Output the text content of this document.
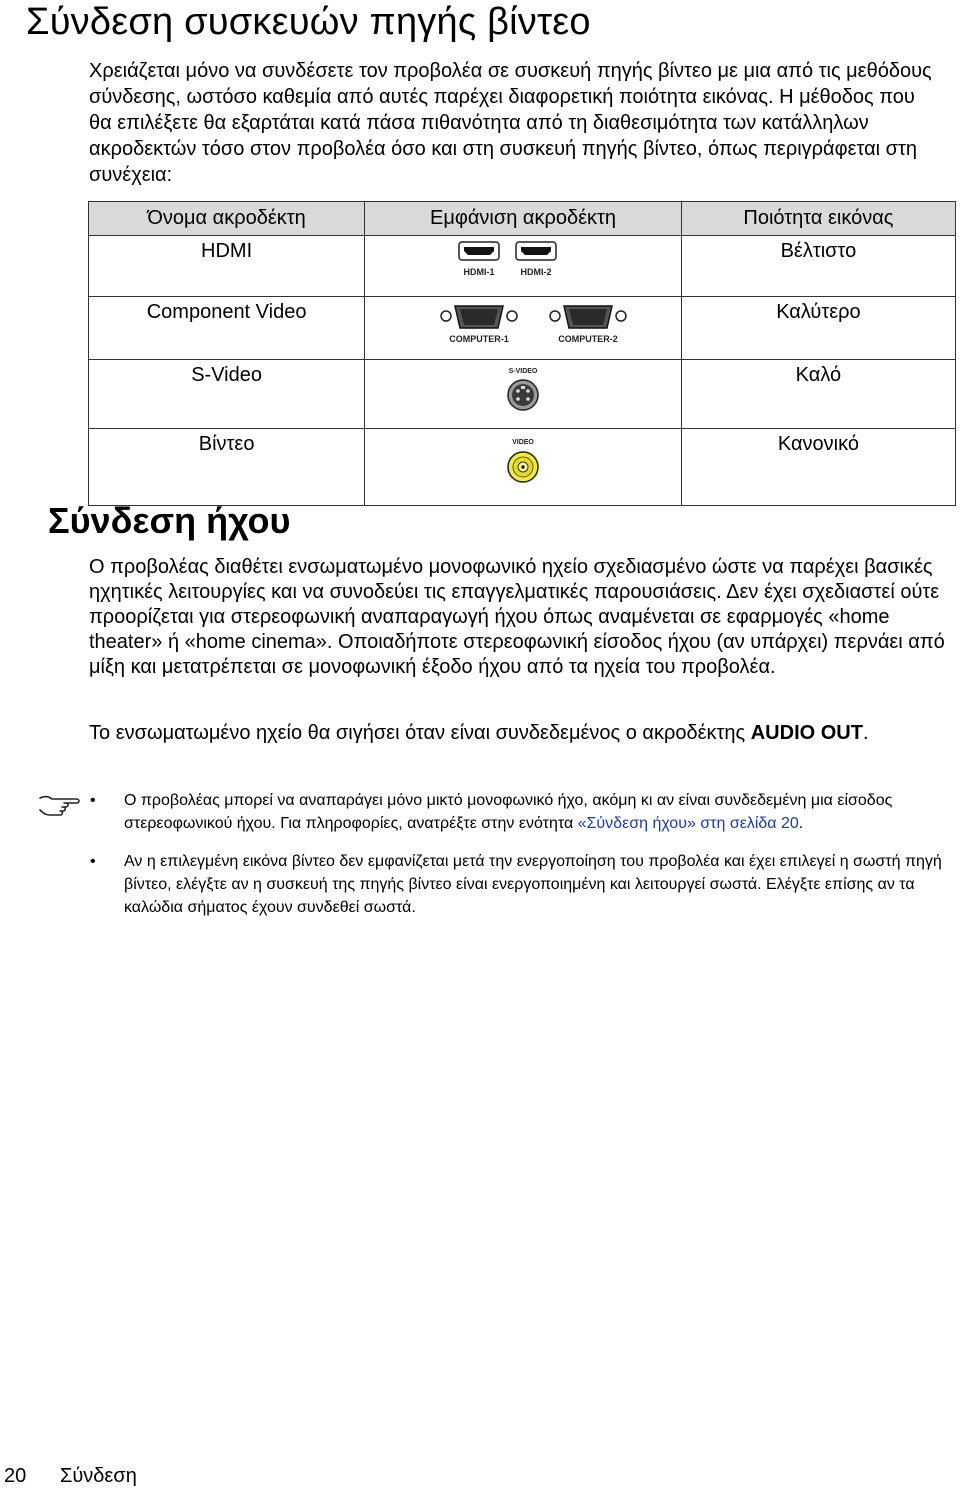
Σύνδεση συσκευών πηγής βίντεο

Χρειάζεται μόνο να συνδέσετε τον προβολέα σε συσκευή πηγής βίντεο με μια από τις μεθόδους σύνδεσης, ωστόσο καθεμία από αυτές παρέχει διαφορετική ποιότητα εικόνας. Η μέθοδος που θα επιλέξετε θα εξαρτάται κατά πάσα πιθανότητα από τη διαθεσιμότητα των κατάλληλων ακροδεκτών τόσο στον προβολέα όσο και στη συσκευή πηγής βίντεο, όπως περιγράφεται στη συνέχεια:

Όνομα ακροδέκτη	Εμφάνιση ακροδέκτη	Ποιότητα εικόνας
HDMI	HDMI-1 HDMI-2	Βέλτιστο
Component Video	COMPUTER-1 COMPUTER-2	Καλύτερο
S-Video	S-VIDEO	Καλό
Βίντεο	VIDEO	Κανονικό
Σύνδεση ήχου

Ο προβολέας διαθέτει ενσωματωμένο μονοφωνικό ηχείο σχεδιασμένο ώστε να παρέχει βασικές ηχητικές λειτουργίες και να συνοδεύει τις επαγγελματικές παρουσιάσεις. Δεν έχει σχεδιαστεί ούτε προορίζεται για στερεοφωνική αναπαραγωγή ήχου όπως αναμένεται σε εφαρμογές «home theater» ή «home cinema». Οποιαδήποτε στερεοφωνική είσοδος ήχου (αν υπάρχει) περνάει από μίξη και μετατρέπεται σε μονοφωνική έξοδο ήχου από τα ηχεία του προβολέα.

Το ενσωματωμένο ηχείο θα σιγήσει όταν είναι συνδεδεμένος ο ακροδέκτης AUDIO OUT.

• Ο προβολέας μπορεί να αναπαράγει μόνο μικτό μονοφωνικό ήχο, ακόμη κι αν είναι συνδεδεμένη μια είσοδος στερεοφωνικού ήχου. Για πληροφορίες, ανατρέξτε στην ενότητα «Σύνδεση ήχου» στη σελίδα 20.
• Αν η επιλεγμένη εικόνα βίντεο δεν εμφανίζεται μετά την ενεργοποίηση του προβολέα και έχει επιλεγεί η σωστή πηγή βίντεο, ελέγξτε αν η συσκευή της πηγής βίντεο είναι ενεργοποιημένη και λειτουργεί σωστά. Ελέγξτε επίσης αν τα καλώδια σήματος έχουν συνδεθεί σωστά.
20 Σύνδεση
